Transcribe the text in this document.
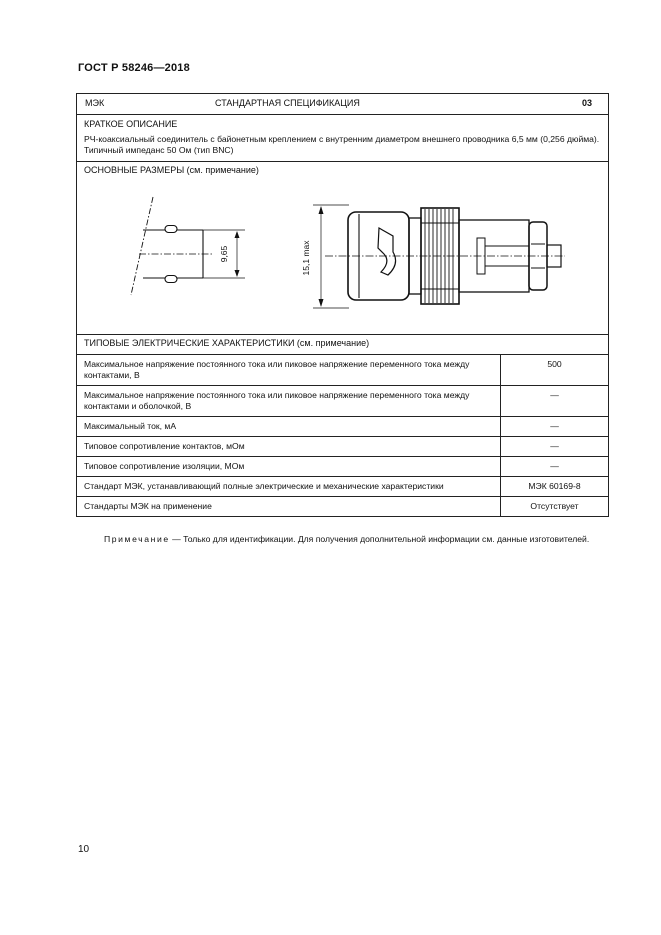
ГОСТ Р 58246—2018
МЭК СТАНДАРТНАЯ СПЕЦИФИКАЦИЯ 03	

КРАТКОЕ ОПИСАНИЕ
РЧ-коаксиальный соединитель с байонетным креплением с внутренним диаметром внешнего проводника 6,5 мм (0,256 дюйма). Типичный импеданс 50 Ом (тип BNC)	

ОСНОВНЫЕ РАЗМЕРЫ (см. примечание)
9,65 15,1 max	

ТИПОВЫЕ ЭЛЕКТРИЧЕСКИЕ ХАРАКТЕРИСТИКИ (см. примечание)	
Максимальное напряжение постоянного тока или пиковое напряжение переменного тока между контактами, В	500
Максимальное напряжение постоянного тока или пиковое напряжение переменного тока между контактами и оболочкой, В	—
Максимальный ток, мА	—
Типовое сопротивление контактов, мОм	—
Типовое сопротивление изоляции, МОм	—
Стандарт МЭК, устанавливающий полные электрические и механические характеристики	МЭК 60169-8
Стандарты МЭК на применение	Отсутствует
Примечание — Только для идентификации. Для получения дополнительной информации см. данные изготовителей.
10
